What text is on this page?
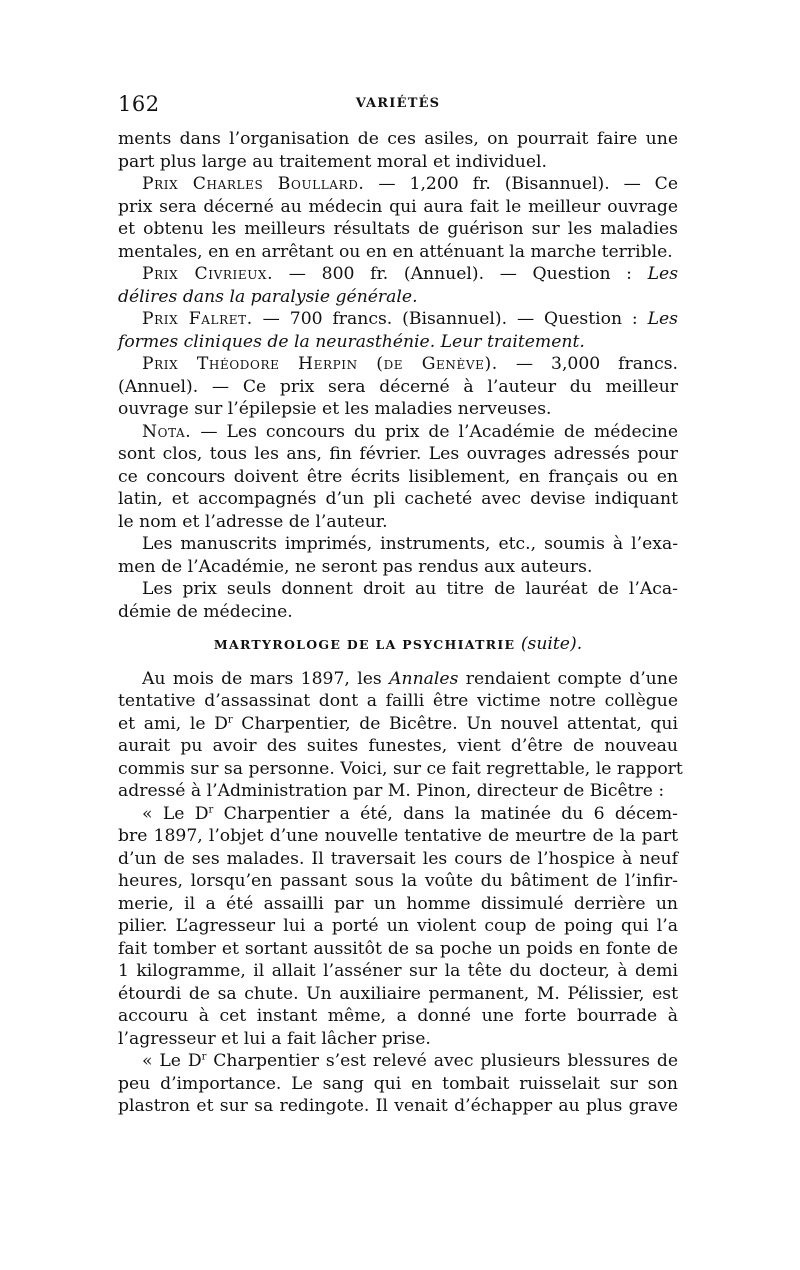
162	VARIÉTÉS
ments dans l’organisation de ces asiles, on pourrait faire une
part plus large au traitement moral et individuel.
Prix Charles Boullard. — 1,200 fr. (Bisannuel). — Ce
prix sera décerné au médecin qui aura fait le meilleur ouvrage
et obtenu les meilleurs résultats de guérison sur les maladies
mentales, en en arrêtant ou en en atténuant la marche terrible.
Prix Civrieux. — 800 fr. (Annuel). — Question : Les
délires dans la paralysie générale.
Prix Falret. — 700 francs. (Bisannuel). — Question : Les
formes cliniques de la neurasthénie. Leur traitement.
Prix Théodore Herpin (de Genève). — 3,000 francs.
(Annuel). — Ce prix sera décerné à l’auteur du meilleur
ouvrage sur l’épilepsie et les maladies nerveuses.
Nota. — Les concours du prix de l’Académie de médecine
sont clos, tous les ans, fin février. Les ouvrages adressés pour
ce concours doivent être écrits lisiblement, en français ou en
latin, et accompagnés d’un pli cacheté avec devise indiquant
le nom et l’adresse de l’auteur.
Les manuscrits imprimés, instruments, etc., soumis à l’exa-
men de l’Académie, ne seront pas rendus aux auteurs.
Les prix seuls donnent droit au titre de lauréat de l’Aca-
démie de médecine.
MARTYROLOGE DE LA PSYCHIATRIE (suite).
Au mois de mars 1897, les Annales rendaient compte d’une
tentative d’assassinat dont a failli être victime notre collègue
et ami, le $D^r$ Charpentier, de Bicêtre. Un nouvel attentat, qui
aurait pu avoir des suites funestes, vient d’être de nouveau
commis sur sa personne. Voici, sur ce fait regrettable, le rapport
adressé à l’Administration par M. Pinon, directeur de Bicêtre :
« Le $D^r$ Charpentier a été, dans la matinée du 6 décem-
bre 1897, l’objet d’une nouvelle tentative de meurtre de la part
d’un de ses malades. Il traversait les cours de l’hospice à neuf
heures, lorsqu’en passant sous la voûte du bâtiment de l’infir-
merie, il a été assailli par un homme dissimulé derrière un
pilier. L’agresseur lui a porté un violent coup de poing qui l’a
fait tomber et sortant aussitôt de sa poche un poids en fonte de
1 kilogramme, il allait l’asséner sur la tête du docteur, à demi
étourdi de sa chute. Un auxiliaire permanent, M. Pélissier, est
accouru à cet instant même, a donné une forte bourrade à
l’agresseur et lui a fait lâcher prise.
« Le $D^r$ Charpentier s’est relevé avec plusieurs blessures de
peu d’importance. Le sang qui en tombait ruisselait sur son
plastron et sur sa redingote. Il venait d’échapper au plus grave
